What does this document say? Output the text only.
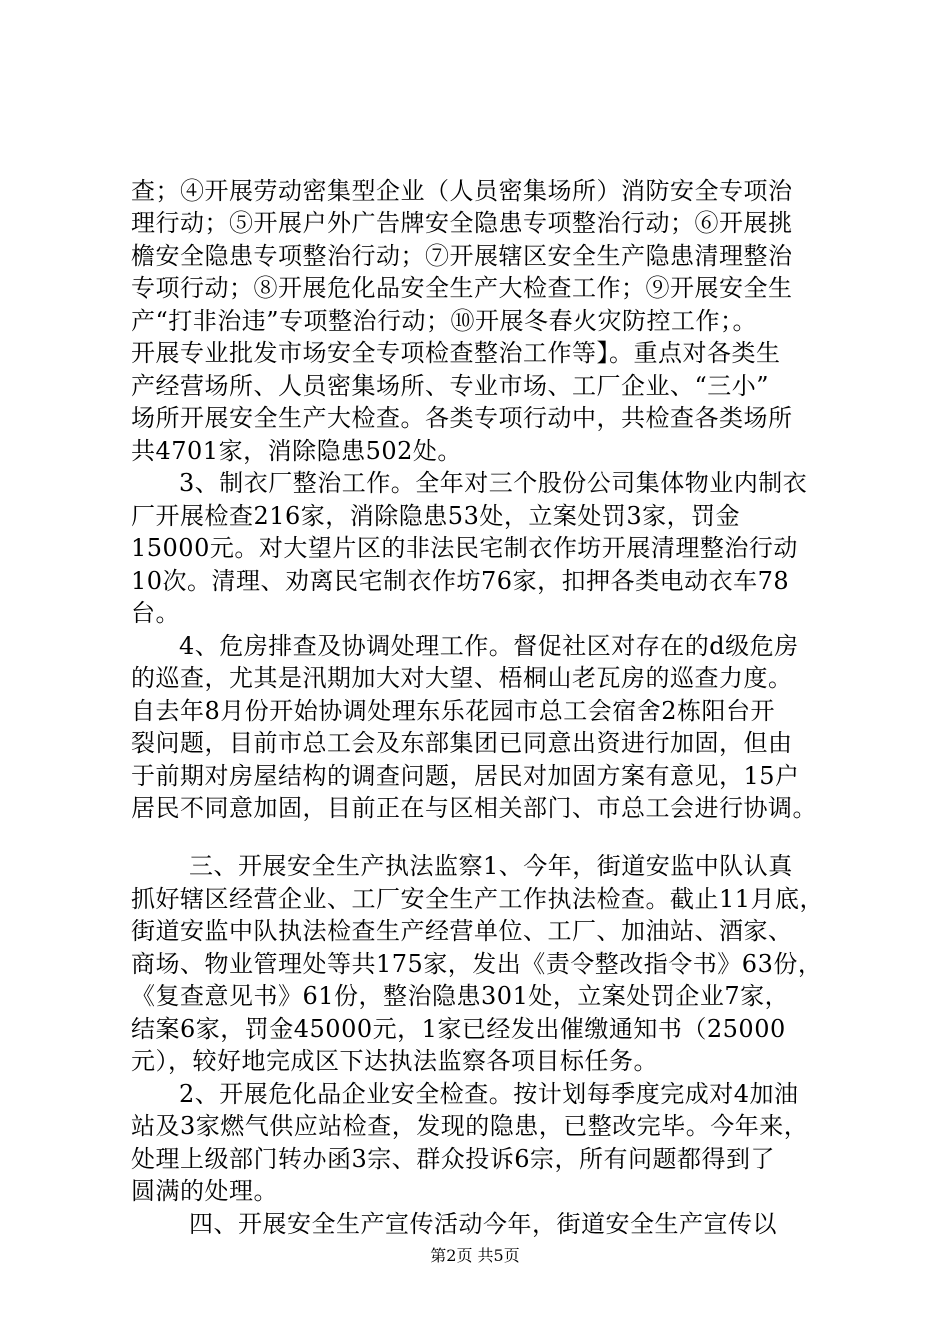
查；④开展劳动密集型企业（人员密集场所）消防安全专项治
理行动；⑤开展户外广告牌安全隐患专项整治行动；⑥开展挑
檐安全隐患专项整治行动；⑦开展辖区安全生产隐患清理整治
专项行动；⑧开展危化品安全生产大检查工作；⑨开展安全生
产“打非治违”专项整治行动；⑩开展冬春火灾防控工作；。
开展专业批发市场安全专项检查整治工作等】。重点对各类生
产经营场所、人员密集场所、专业市场、工厂企业、“三小”
场所开展安全生产大检查。各类专项行动中，共检查各类场所
共4701家，消除隐患502处。
3、制衣厂整治工作。全年对三个股份公司集体物业内制衣
厂开展检查216家，消除隐患53处，立案处罚3家，罚金
15000元。对大望片区的非法民宅制衣作坊开展清理整治行动
10次。清理、劝离民宅制衣作坊76家，扣押各类电动衣车78
台。
4、危房排查及协调处理工作。督促社区对存在的d级危房
的巡查，尤其是汛期加大对大望、梧桐山老瓦房的巡查力度。
自去年8月份开始协调处理东乐花园市总工会宿舍2栋阳台开
裂问题，目前市总工会及东部集团已同意出资进行加固，但由
于前期对房屋结构的调查问题，居民对加固方案有意见，15户
居民不同意加固，目前正在与区相关部门、市总工会进行协调。
三、开展安全生产执法监察1、今年，街道安监中队认真
抓好辖区经营企业、工厂安全生产工作执法检查。截止11月底，
街道安监中队执法检查生产经营单位、工厂、加油站、酒家、
商场、物业管理处等共175家，发出《责令整改指令书》63份，
《复查意见书》61份，整治隐患301处，立案处罚企业7家，
结案6家，罚金45000元，1家已经发出催缴通知书（25000
元），较好地完成区下达执法监察各项目标任务。
2、开展危化品企业安全检查。按计划每季度完成对4加油
站及3家燃气供应站检查，发现的隐患，已整改完毕。今年来，
处理上级部门转办函3宗、群众投诉6宗，所有问题都得到了
圆满的处理。
四、开展安全生产宣传活动今年，街道安全生产宣传以
第2页 共5页
